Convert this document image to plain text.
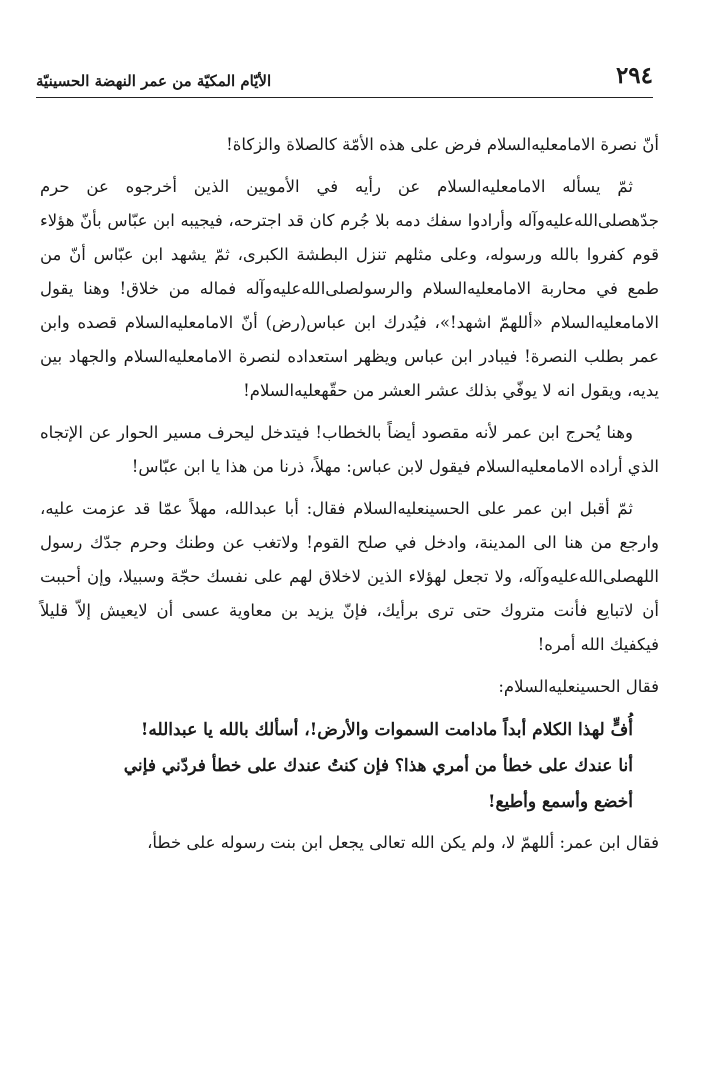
٢٩٤
الأيّام المكيّة من عمر النهضة الحسينيّة

أنّ نصرة الامامعليه‌السلام فرض على هذه الأمّة كالصلاة والزكاة!

ثمّ يسأله الامامعليه‌السلام عن رأيه في الأمويين الذين أخرجوه عن حرم جدّهصلى‌الله‌عليه‌وآله وأرادوا سفك دمه بلا جُرم كان قد اجترحه، فيجيبه ابن عبّاس بأنّ هؤلاء قوم كفروا بالله ورسوله، وعلى مثلهم تنزل البطشة الكبرى، ثمّ يشهد ابن عبّاس أنّ من طمع في محاربة الامامعليه‌السلام والرسولصلى‌الله‌عليه‌وآله فماله من خلاق! وهنا يقول الامامعليه‌السلام «أللهمّ اشهد!»، فيُدرك ابن عباس(رض) أنّ الامامعليه‌السلام قصده وابن عمر بطلب النصرة! فيبادر ابن عباس ويظهر استعداده لنصرة الامامعليه‌السلام والجهاد بين يديه، ويقول انه لا يوفّي بذلك عشر العشر من حقّهعليه‌السلام!

وهنا يُحرج ابن عمر لأنه مقصود أيضاً بالخطاب! فيتدخل ليحرف مسير الحوار عن الإتجاه الذي أراده الامامعليه‌السلام فيقول لابن عباس: مهلاً، ذرنا من هذا يا ابن عبّاس!

ثمّ أقبل ابن عمر على الحسينعليه‌السلام فقال: أبا عبدالله، مهلاً عمّا قد عزمت عليه، وارجع من هنا الى المدينة، وادخل في صلح القوم! ولاتغب عن وطنك وحرم جدّك رسول اللهصلى‌الله‌عليه‌وآله، ولا تجعل لهؤلاء الذين لاخلاق لهم على نفسك حجّة وسبيلا، وإن أحببت أن لاتبايع فأنت متروك حتى ترى برأيك، فإنّ يزيد بن معاوية عسى أن لايعيش إلاّ قليلاً فيكفيك الله أمره!

فقال الحسينعليه‌السلام:

أُفٍّ لهذا الكلام أبداً مادامت السموات والأرض!، أسألك بالله يا عبدالله!
أنا عندك على خطأ من أمري هذا؟ فإن كنتُ عندك على خطأ فردّني فإني
أخضع وأسمع وأطيع!

فقال ابن عمر: أللهمّ لا، ولم يكن الله تعالى يجعل ابن بنت رسوله على خطأ،
